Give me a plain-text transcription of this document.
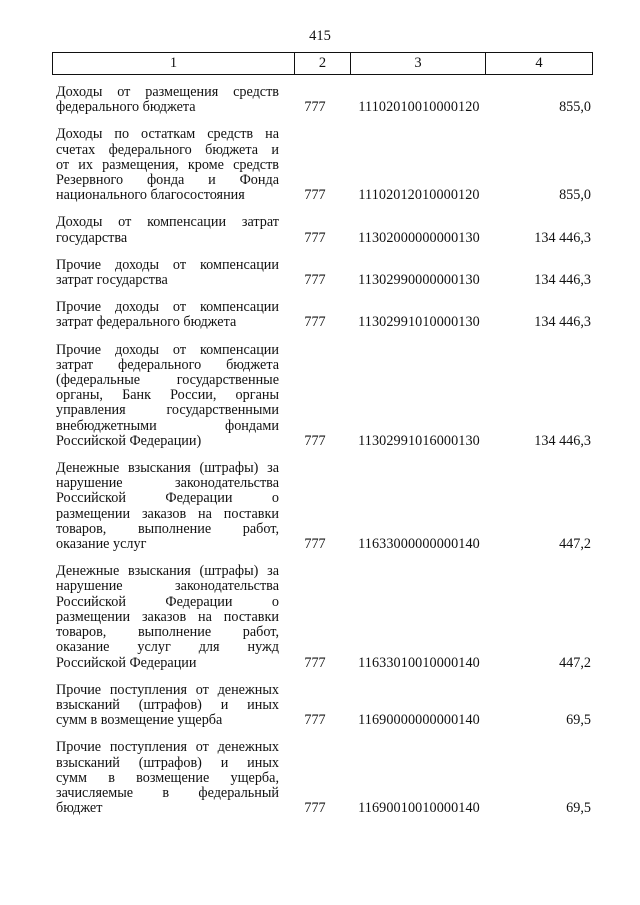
415
1	2	3	4
Доходы от размещения средств
федерального бюджета	777	11102010010000120	855,0
Доходы по остаткам средств на
счетах федерального бюджета и
от их размещения, кроме средств
Резервного фонда и Фонда
национального благосостояния	777	11102012010000120	855,0
Доходы от компенсации затрат
государства	777	11302000000000130	134 446,3
Прочие доходы от компенсации
затрат государства	777	11302990000000130	134 446,3
Прочие доходы от компенсации
затрат федерального бюджета	777	11302991010000130	134 446,3
Прочие доходы от компенсации
затрат федерального бюджета
(федеральные государственные
органы, Банк России, органы
управления государственными
внебюджетными фондами
Российской Федерации)	777	11302991016000130	134 446,3
Денежные взыскания (штрафы) за
нарушение законодательства
Российской Федерации о
размещении заказов на поставки
товаров, выполнение работ,
оказание услуг	777	11633000000000140	447,2
Денежные взыскания (штрафы) за
нарушение законодательства
Российской Федерации о
размещении заказов на поставки
товаров, выполнение работ,
оказание услуг для нужд
Российской Федерации	777	11633010010000140	447,2
Прочие поступления от денежных
взысканий (штрафов) и иных
сумм в возмещение ущерба	777	11690000000000140	69,5
Прочие поступления от денежных
взысканий (штрафов) и иных
сумм в возмещение ущерба,
зачисляемые в федеральный
бюджет	777	11690010010000140	69,5
